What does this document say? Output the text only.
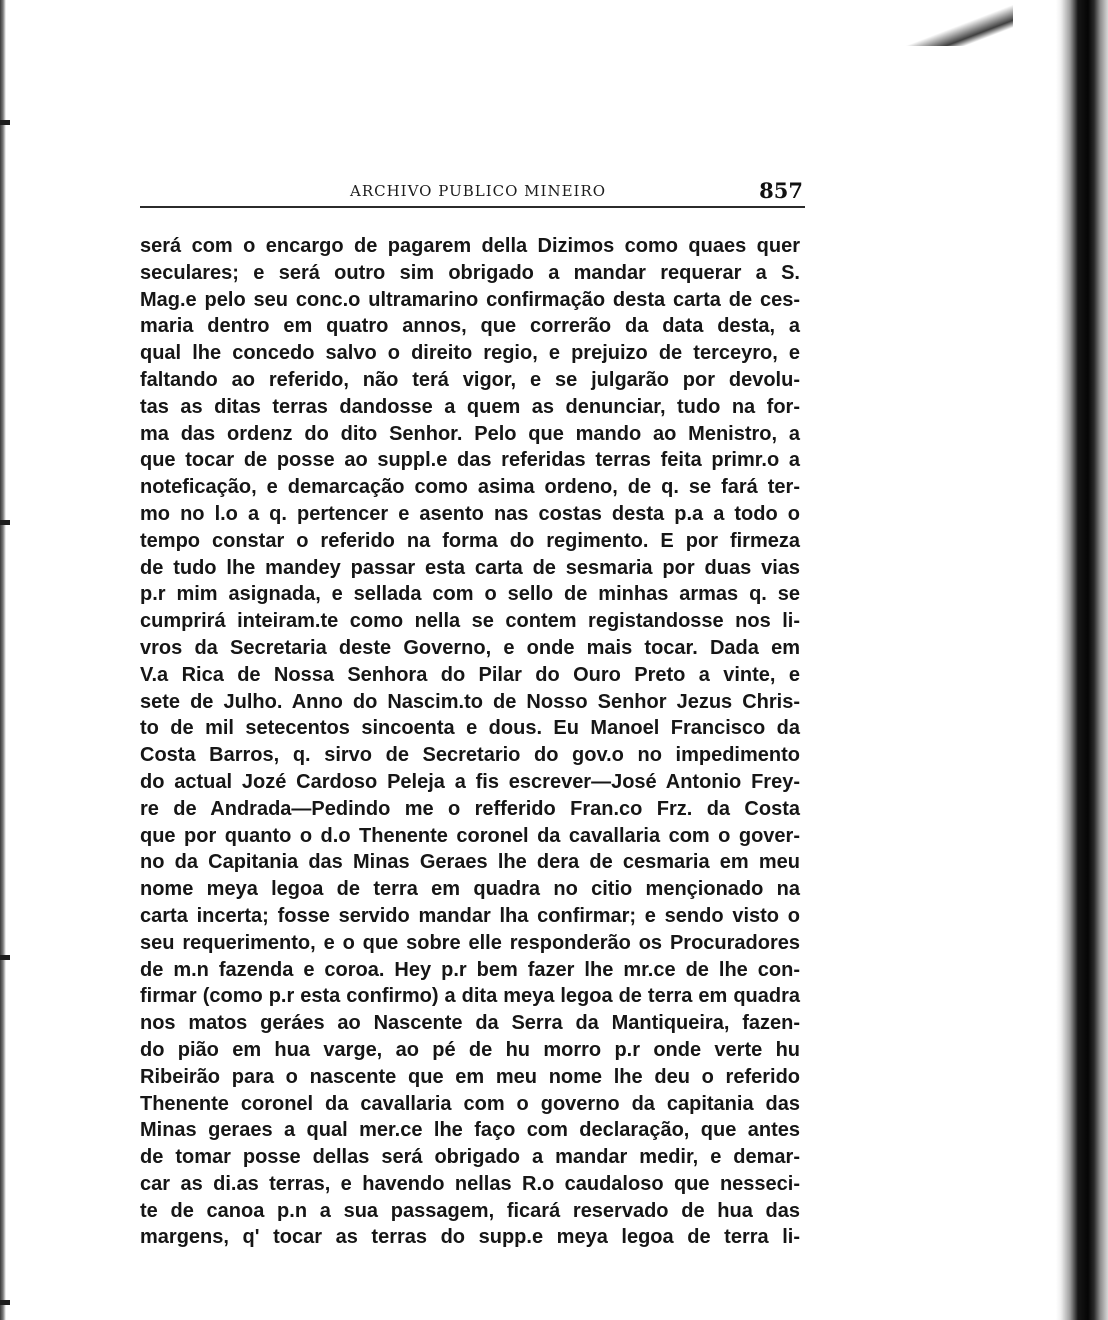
ARCHIVO PUBLICO MINEIRO	857
será com o encargo de pagarem della Dizimos como quaes quer
seculares; e será outro sim obrigado a mandar requerar a S.
Mag.e pelo seu conc.o ultramarino confirmação desta carta de ces-
maria dentro em quatro annos, que correrão da data desta, a
qual lhe concedo salvo o direito regio, e prejuizo de terceyro, e
faltando ao referido, não terá vigor, e se julgarão por devolu-
tas as ditas terras dandosse a quem as denunciar, tudo na for-
ma das ordenz do dito Senhor. Pelo que mando ao Menistro, a
que tocar de posse ao suppl.e das referidas terras feita primr.o a
noteficação, e demarcação como asima ordeno, de q. se fará ter-
mo no l.o a q. pertencer e asento nas costas desta p.a a todo o
tempo constar o referido na forma do regimento. E por firmeza
de tudo lhe mandey passar esta carta de sesmaria por duas vias
p.r mim asignada, e sellada com o sello de minhas armas q. se
cumprirá inteiram.te como nella se contem registandosse nos li-
vros da Secretaria deste Governo, e onde mais tocar. Dada em
V.a Rica de Nossa Senhora do Pilar do Ouro Preto a vinte, e
sete de Julho. Anno do Nascim.to de Nosso Senhor Jezus Chris-
to de mil setecentos sincoenta e dous. Eu Manoel Francisco da
Costa Barros, q. sirvo de Secretario do gov.o no impedimento
do actual Jozé Cardoso Peleja a fis escrever—José Antonio Frey-
re de Andrada—Pedindo me o refferido Fran.co Frz. da Costa
que por quanto o d.o Thenente coronel da cavallaria com o gover-
no da Capitania das Minas Geraes lhe dera de cesmaria em meu
nome meya legoa de terra em quadra no citio mençionado na
carta incerta; fosse servido mandar lha confirmar; e sendo visto o
seu requerimento, e o que sobre elle responderão os Procuradores
de m.n fazenda e coroa. Hey p.r bem fazer lhe mr.ce de lhe con-
firmar (como p.r esta confirmo) a dita meya legoa de terra em quadra
nos matos geráes ao Nascente da Serra da Mantiqueira, fazen-
do pião em hua varge, ao pé de hu morro p.r onde verte hu
Ribeirão para o nascente que em meu nome lhe deu o referido
Thenente coronel da cavallaria com o governo da capitania das
Minas geraes a qual mer.ce lhe faço com declaração, que antes
de tomar posse dellas será obrigado a mandar medir, e demar-
car as di.as terras, e havendo nellas R.o caudaloso que nesseci-
te de canoa p.n a sua passagem, ficará reservado de hua das
margens, q' tocar as terras do supp.e meya legoa de terra li-
